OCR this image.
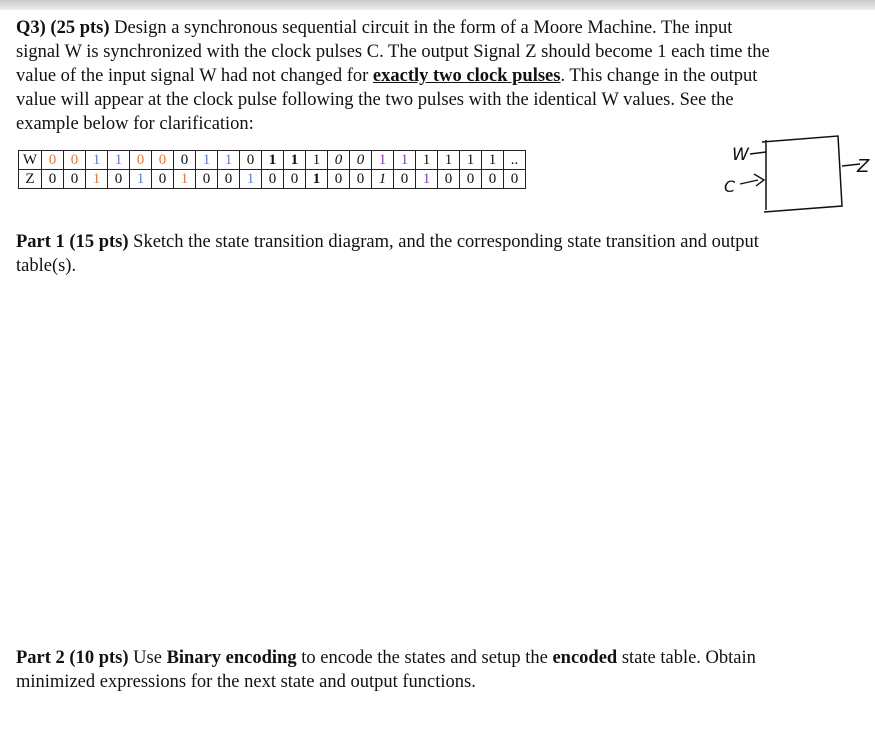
Q3) (25 pts) Design a synchronous sequential circuit in the form of a Moore Machine. The input signal W is synchronized with the clock pulses C. The output Signal Z should become 1 each time the value of the input signal W had not changed for exactly two clock pulses. This change in the output value will appear at the clock pulse following the two pulses with the identical W values. See the example below for clarification:

W	0	0	1	1	0	0	0	1	1	0	1	1	1	0	0	1	1	1	1	1	1	..
Z	0	0	1	0	1	0	1	0	0	1	0	0	1	0	0	1	0	1	0	0	0	0
W
C
Z

Part 1 (15 pts) Sketch the state transition diagram, and the corresponding state transition and output table(s).

Part 2 (10 pts) Use Binary encoding to encode the states and setup the encoded state table. Obtain minimized expressions for the next state and output functions.
